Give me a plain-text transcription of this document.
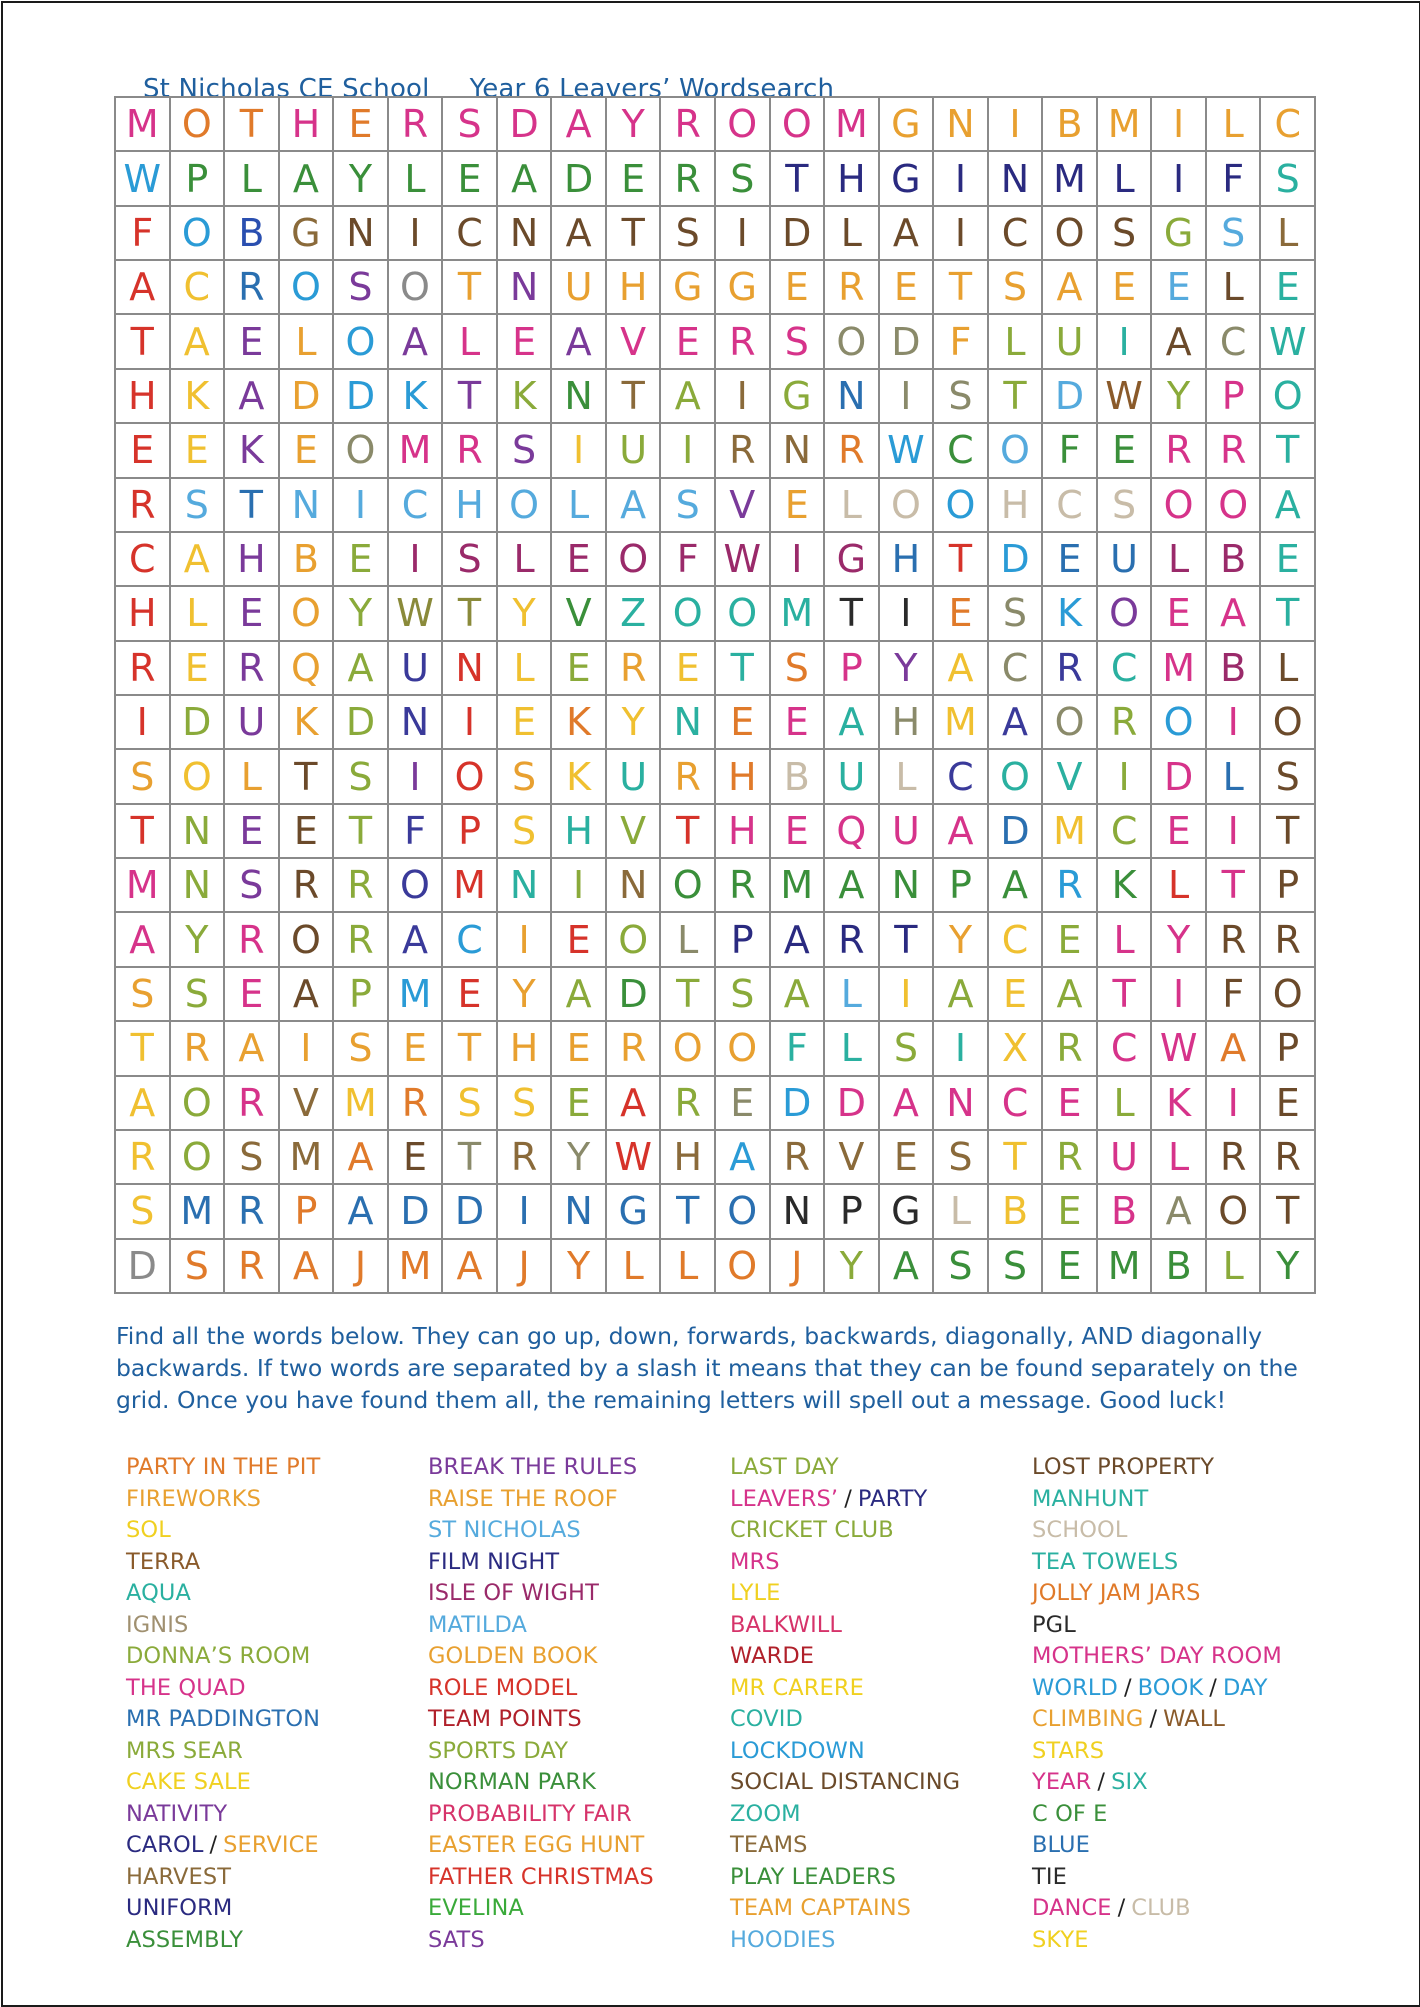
St Nicholas CE School Year 6 Leavers’ Wordsearch

M O T H E R S D A Y R O O M G N I B M I	L C
W P L A Y L E A D E R S T H G I N M L	I	F S
F O B G N I C N A T S I D L A I C O S G S L
A C R O S O T N U H G G E R E T S A E E L E
T A E L O A L E A V E R S O D F L U I A C W
H K A D D K T K N T A I G N I S T D W Y P O
E E K E O M R S I U I R N R W C O F E R R T
R S T N I C H O L A S V E L O O H C S O O A
C A H B E I S L E O F W I G H T D E U L B E
H L E O Y W T Y V Z O O M T I E S K O E A T
R E R Q A U N L E R E T S P Y A C R C M B L
I D U K D N I E K Y N E E A H M A O R O I O
S O L T S I O S K U R H B U L C O V I D L S
T N E E T F P S H V T H E Q U A D M C E I T
M N S R R O M N I N O R M A N P A R K L T P
A Y R O R A C I E O L P A R T Y C E L Y R R
S S E A P M E Y A D T S A L	I A E A T I	F O
T R A I S E T H E R O O F L S I X R C W A P
A O R V M R S S E A R E D D A N C E L K I E
R O S M A E T R Y W H A R V E S T R U L R R
S M R P A D D I N G T O N P G L B E B A O T
D S R A J M A J Y L L O J Y A S S E M B L Y
Find all the words below. They can go up, down, forwards, backwards, diagonally, AND diagonally backwards. If two words are separated by a slash it means that they can be found separately on the grid. Once you have found them all, the remaining letters will spell out a message. Good luck!
PARTY IN THE PIT
FIREWORKS
SOL
TERRA
AQUA
IGNIS
DONNA’S ROOM
THE QUAD
MR PADDINGTON
MRS SEAR
CAKE SALE
NATIVITY
CAROL / SERVICE
HARVEST
UNIFORM
ASSEMBLY
BREAK THE RULES
RAISE THE ROOF
ST NICHOLAS
FILM NIGHT
ISLE OF WIGHT
MATILDA
GOLDEN BOOK
ROLE MODEL
TEAM POINTS
SPORTS DAY
NORMAN PARK
PROBABILITY FAIR
EASTER EGG HUNT
FATHER CHRISTMAS
EVELINA
SATS
LAST DAY
LEAVERS’ / PARTY
CRICKET CLUB
MRS
LYLE
BALKWILL
WARDE
MR CARERE
COVID
LOCKDOWN
SOCIAL DISTANCING
ZOOM
TEAMS
PLAY LEADERS
TEAM CAPTAINS
HOODIES
LOST PROPERTY
MANHUNT
SCHOOL
TEA TOWELS
JOLLY JAM JARS
PGL
MOTHERS’ DAY ROOM
WORLD / BOOK / DAY
CLIMBING / WALL
STARS
YEAR / SIX
C OF E
BLUE
TIE
DANCE / CLUB
SKYE
